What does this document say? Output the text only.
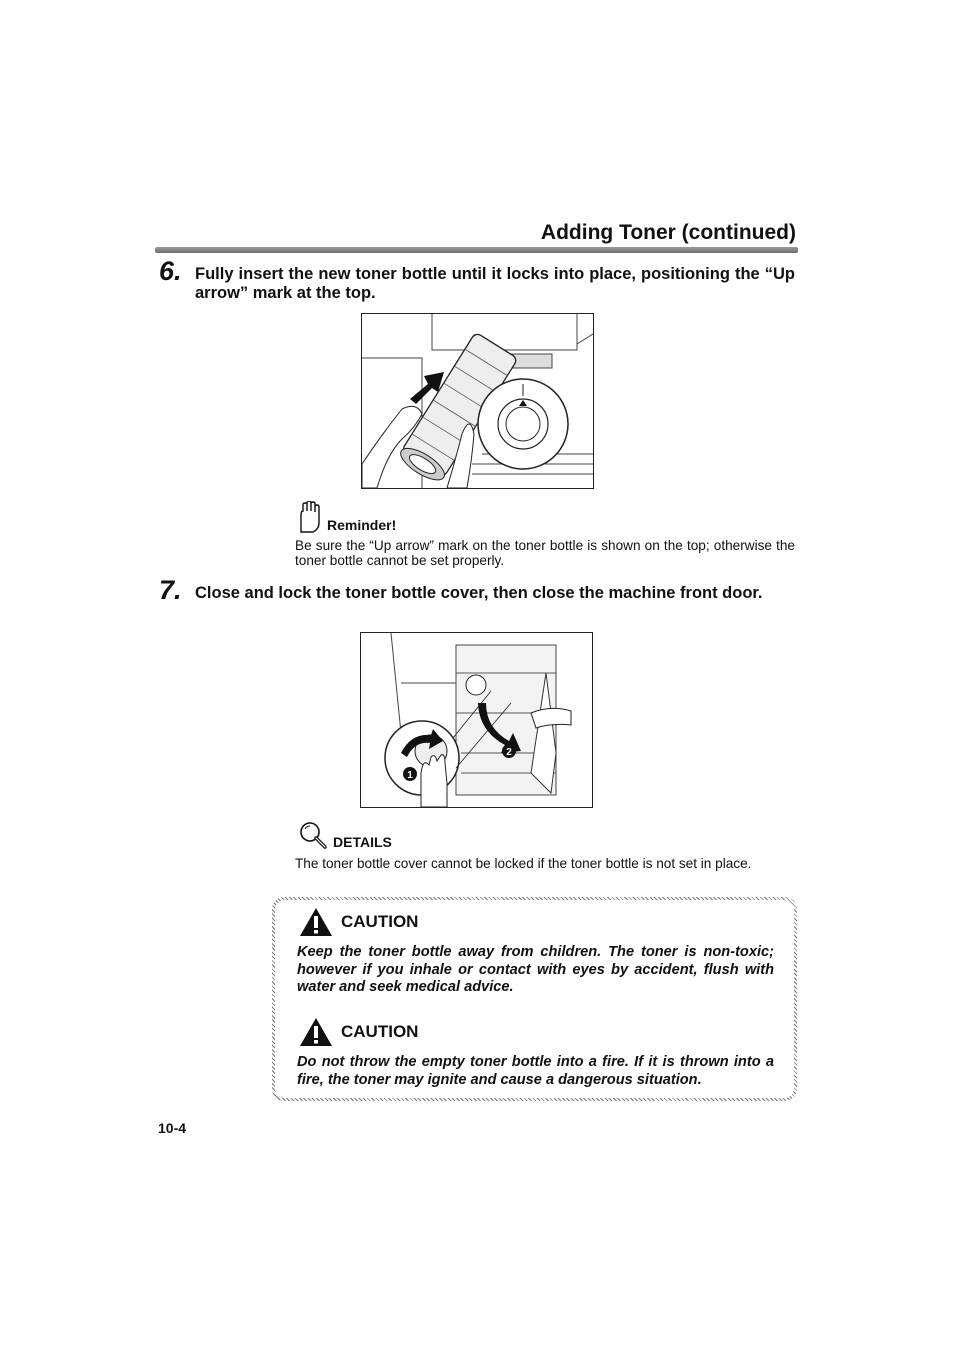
Adding Toner (continued)
6. Fully insert the new toner bottle until it locks into place, positioning the “Up arrow” mark at the top.
Reminder!
Be sure the “Up arrow” mark on the toner bottle is shown on the top; otherwise the toner bottle cannot be set properly.
7. Close and lock the toner bottle cover, then close the machine front door.
1
2
DETAILS
The toner bottle cover cannot be locked if the toner bottle is not set in place.
CAUTION
Keep the toner bottle away from children. The toner is non-toxic; however if you inhale or contact with eyes by accident, flush with water and seek medical advice.
CAUTION
Do not throw the empty toner bottle into a fire. If it is thrown into a fire, the toner may ignite and cause a dangerous situation.
10-4
